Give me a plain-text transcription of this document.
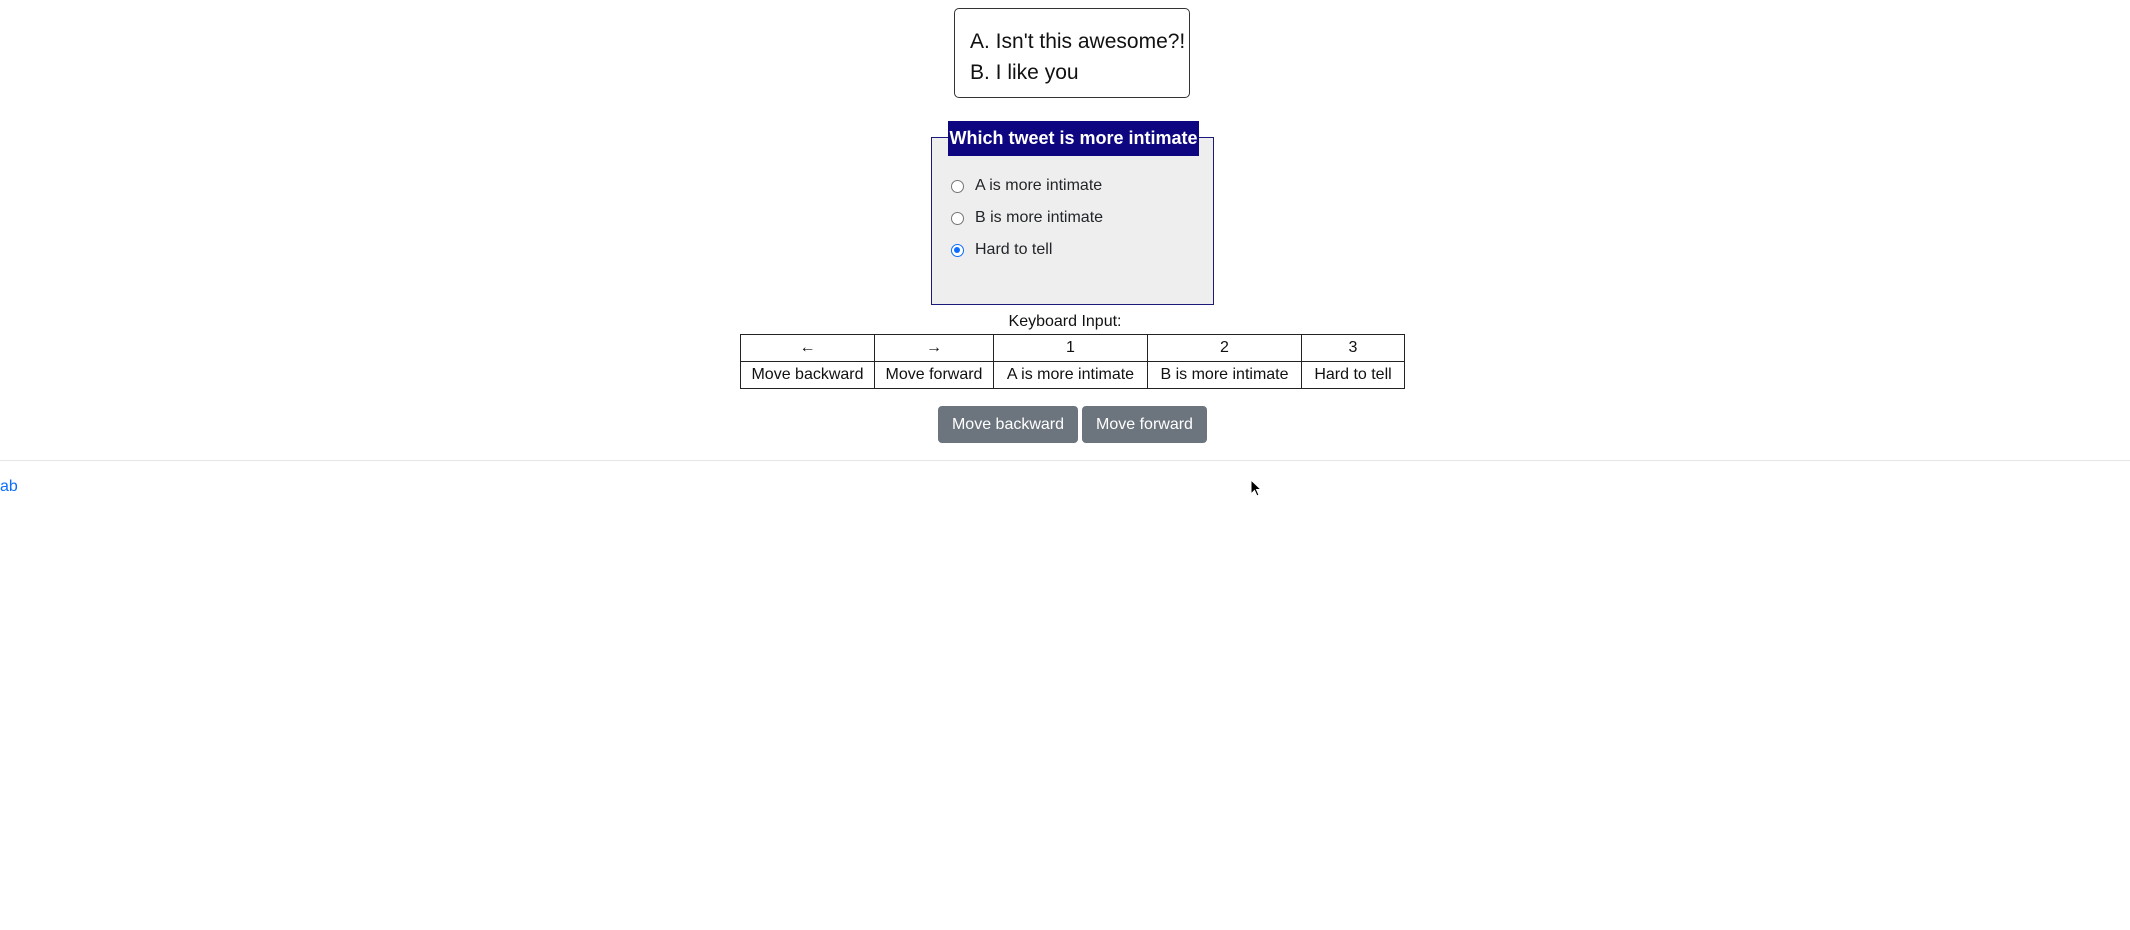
A. Isn't this awesome?!
B. I like you
Which tweet is more intimate
A is more intimate
B is more intimate
Hard to tell
Keyboard Input:
←	→	1	2	3
Move backward	Move forward	A is more intimate	B is more intimate	Hard to tell
Move backward	Move forward
ab
